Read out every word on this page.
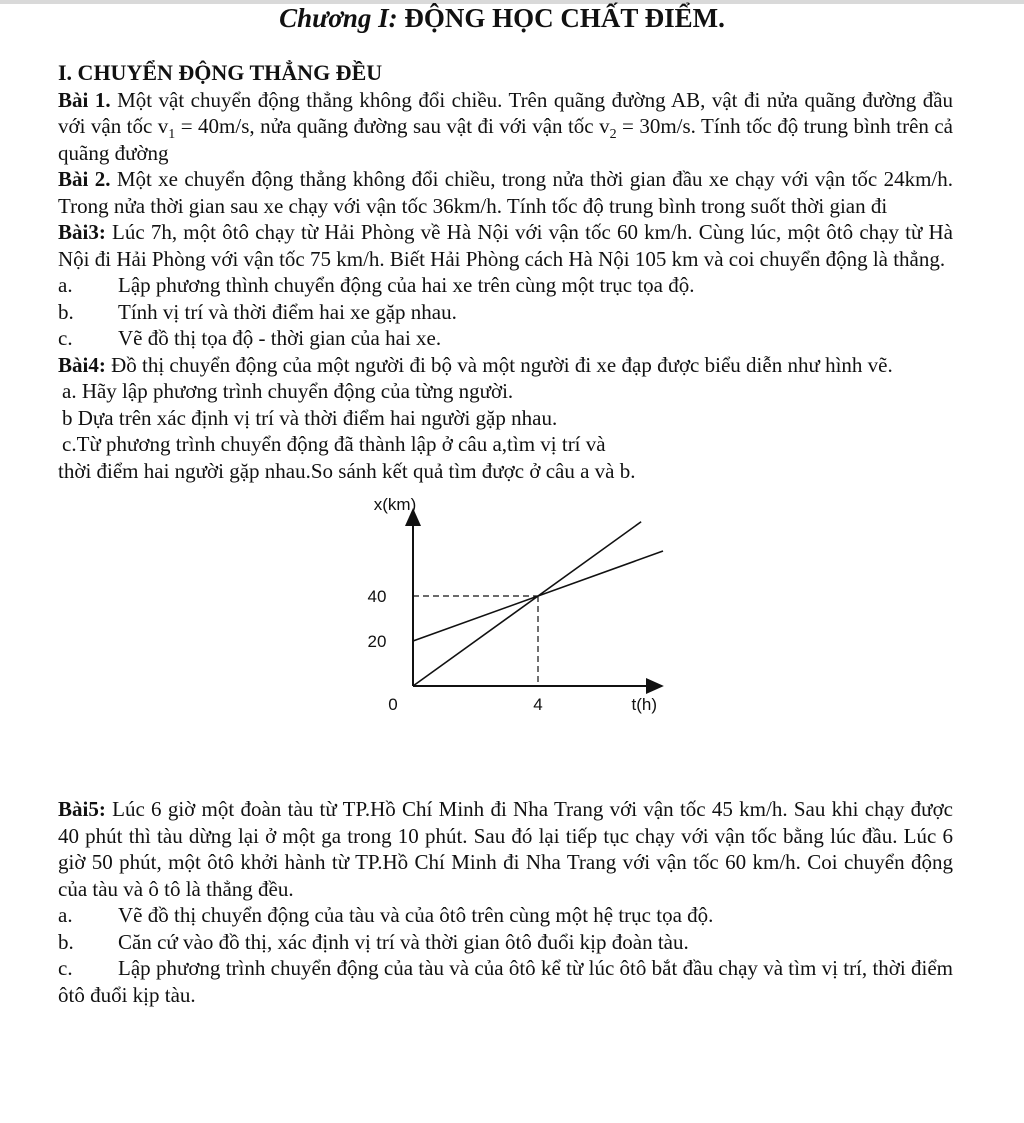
Chương I: ĐỘNG HỌC CHẤT ĐIỂM.
I. CHUYỂN ĐỘNG THẲNG ĐỀU

Bài 1. Một vật chuyển động thẳng không đổi chiều. Trên quãng đường AB, vật đi nửa quãng đường đầu với vận tốc $v_1 = 40m/s$, nửa quãng đường sau vật đi với vận tốc $v_2 = 30m/s$. Tính tốc độ trung bình trên cả quãng đường

Bài 2. Một xe chuyển động thẳng không đổi chiều, trong nửa thời gian đầu xe chạy với vận tốc 24km/h. Trong nửa thời gian sau xe chạy với vận tốc 36km/h. Tính tốc độ trung bình trong suốt thời gian đi

Bài3: Lúc 7h, một ôtô chạy từ Hải Phòng về Hà Nội với vận tốc 60 km/h. Cùng lúc, một ôtô chạy từ Hà Nội đi Hải Phòng với vận tốc 75 km/h. Biết Hải Phòng cách Hà Nội 105 km và coi chuyển động là thẳng.

a.	Lập phương thình chuyển động của hai xe trên cùng một trục tọa độ.
b.	Tính vị trí và thời điểm hai xe gặp nhau.
c.	Vẽ đồ thị tọa độ - thời gian của hai xe.

Bài4: Đồ thị chuyển động của một người đi bộ và một người đi xe đạp được biểu diễn như hình vẽ.

a. Hãy lập phương trình chuyển động của từng người.
b Dựa trên xác định vị trí và thời điểm hai người gặp nhau.
c.Từ phương trình chuyển động đã thành lập ở câu a,tìm vị trí và
thời điểm hai người gặp nhau.So sánh kết quả tìm được ở câu a và b.
20
40
4
x(km)
t(h)
0

Bài5: Lúc 6 giờ một đoàn tàu từ TP.Hồ Chí Minh đi Nha Trang với vận tốc 45 km/h. Sau khi chạy được 40 phút thì tàu dừng lại ở một ga trong 10 phút. Sau đó lại tiếp tục chạy với vận tốc bằng lúc đầu. Lúc 6 giờ 50 phút, một ôtô khởi hành từ TP.Hồ Chí Minh đi Nha Trang với vận tốc 60 km/h. Coi chuyển động của tàu và ô tô là thẳng đều.

a.	Vẽ đồ thị chuyển động của tàu và của ôtô trên cùng một hệ trục tọa độ.
b.	Căn cứ vào đồ thị, xác định vị trí và thời gian ôtô đuổi kịp đoàn tàu.

c. Lập phương trình chuyển động của tàu và của ôtô kể từ lúc ôtô bắt đầu chạy và tìm vị trí, thời điểm ôtô đuổi kịp tàu.
